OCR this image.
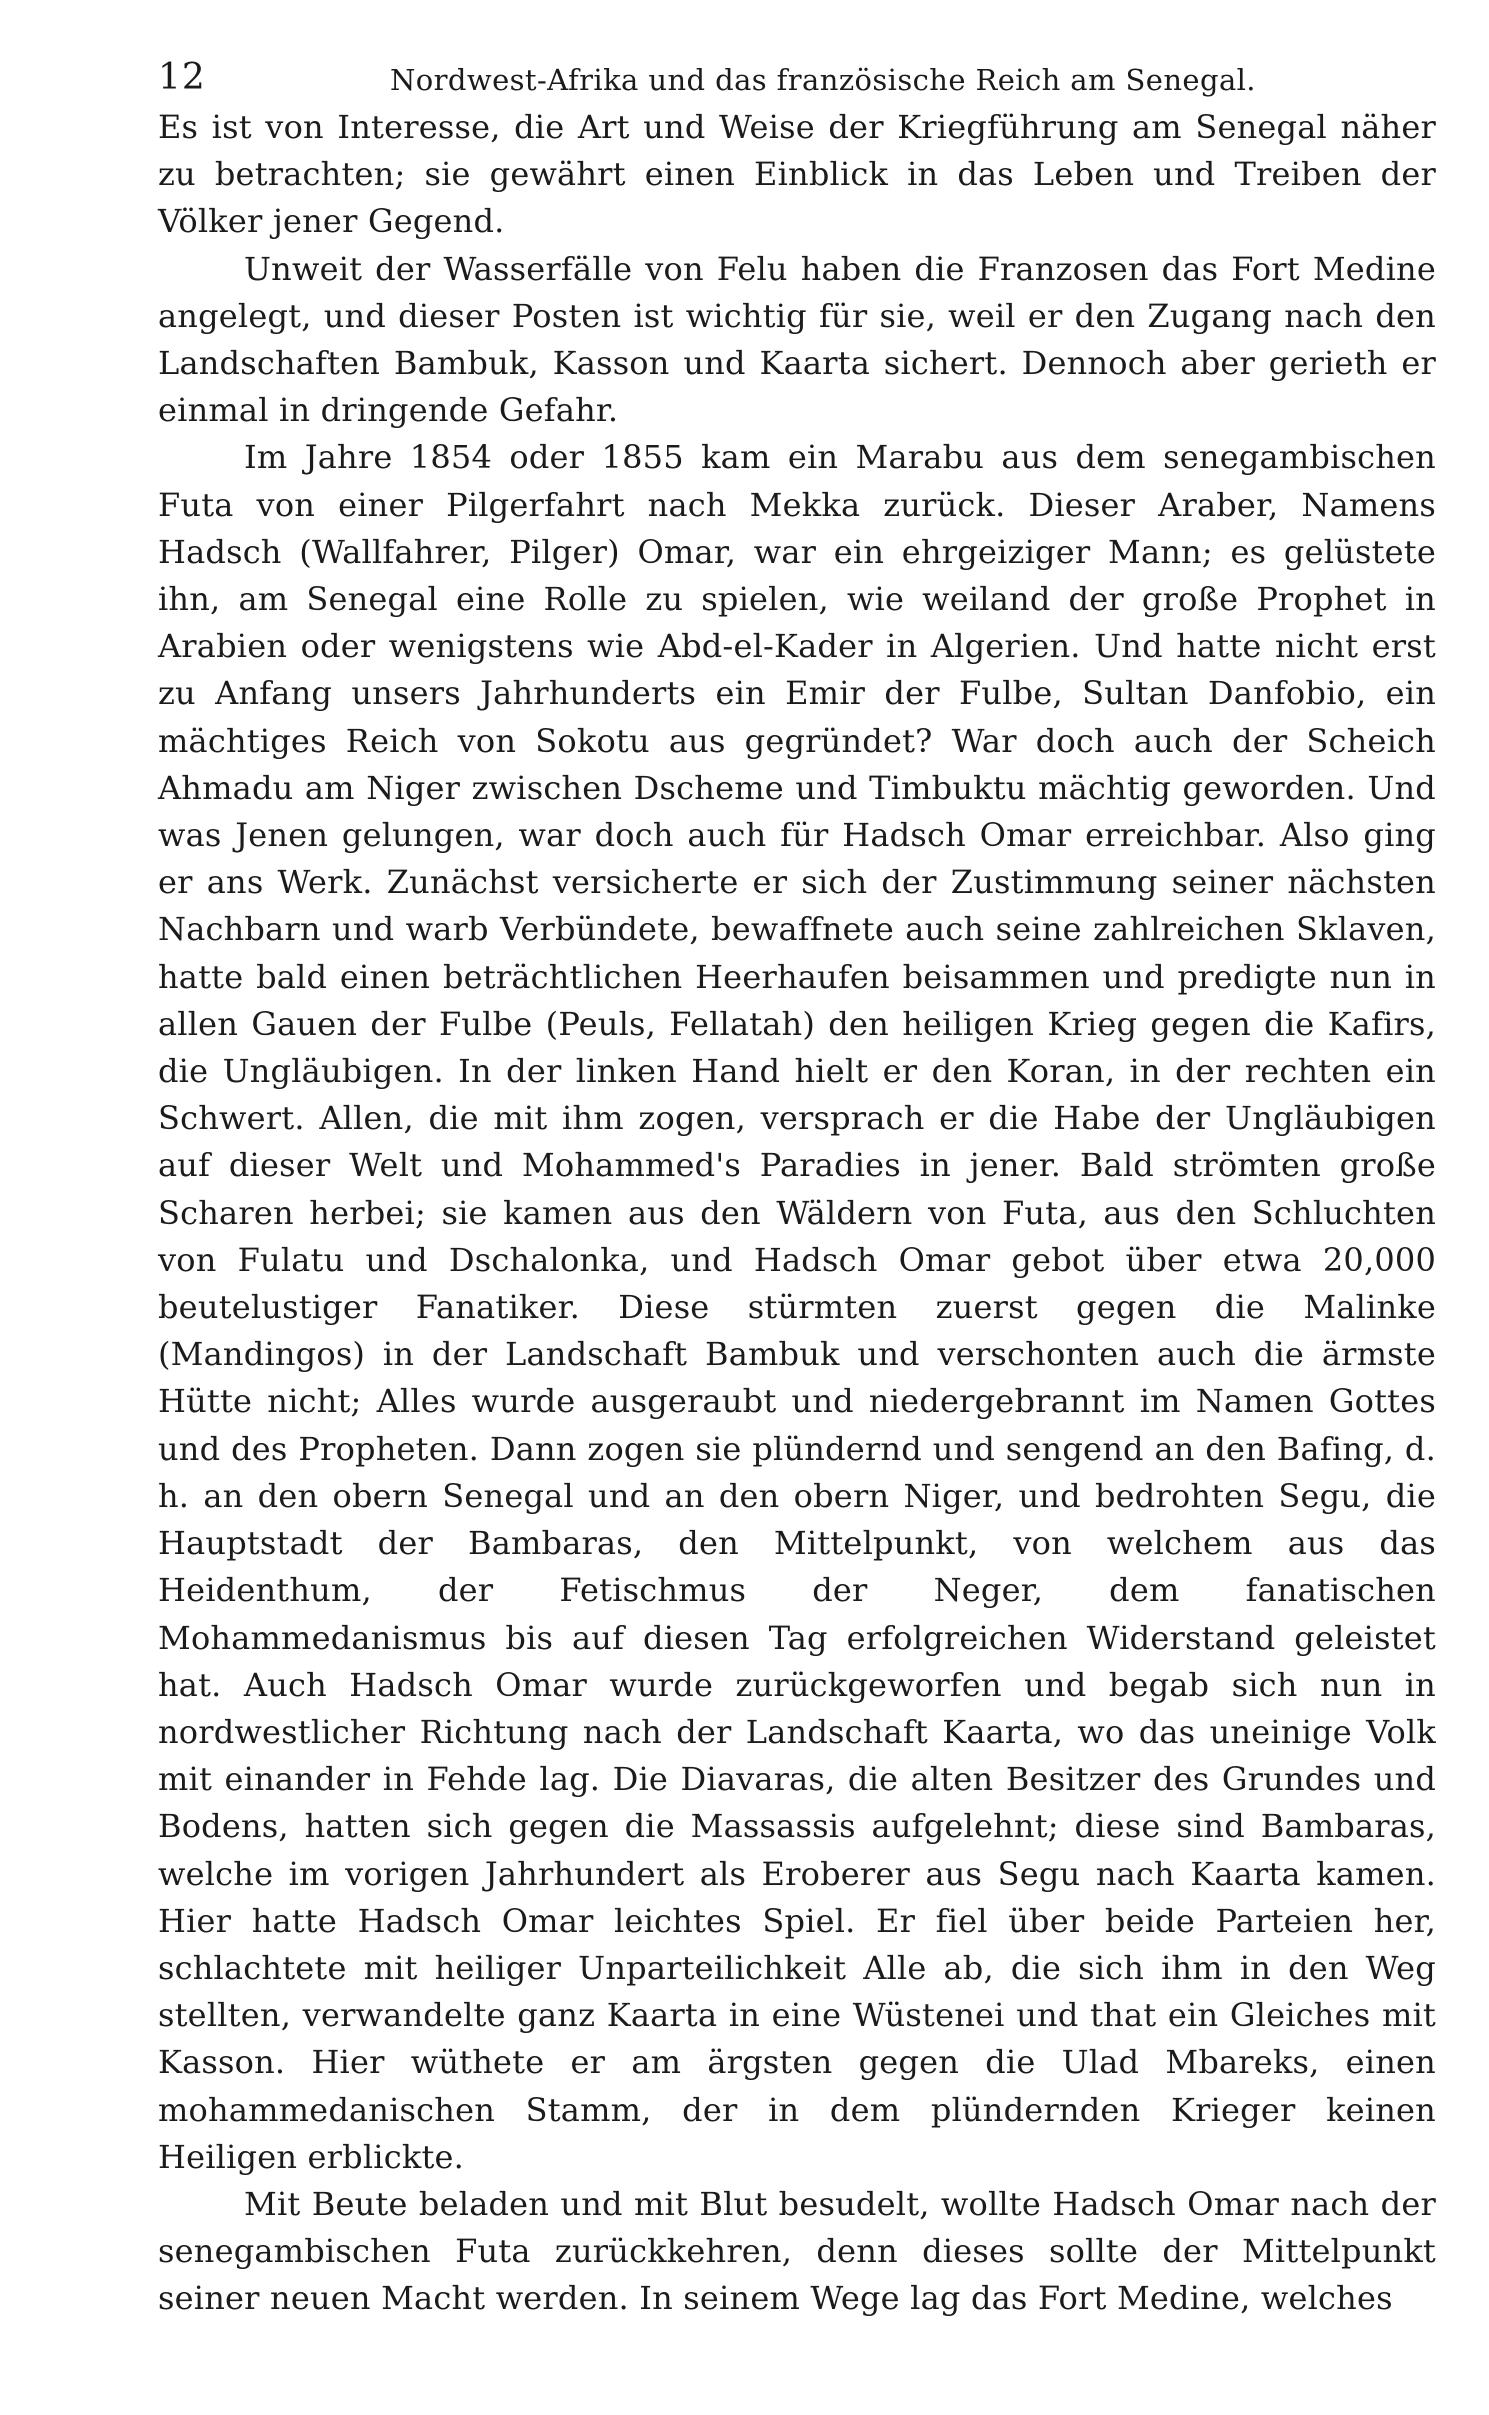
12	Nordwest-Afrika und das französische Reich am Senegal.

Es ist von Interesse, die Art und Weise der Kriegführung am Senegal näher zu betrachten; sie gewährt einen Einblick in das Leben und Treiben der Völker jener Gegend.

Unweit der Wasserfälle von Felu haben die Franzosen das Fort Medine angelegt, und dieser Posten ist wichtig für sie, weil er den Zugang nach den Landschaften Bambuk, Kasson und Kaarta sichert. Dennoch aber gerieth er einmal in dringende Gefahr.

Im Jahre 1854 oder 1855 kam ein Marabu aus dem senegambischen Futa von einer Pilgerfahrt nach Mekka zurück. Dieser Araber, Namens Hadsch (Wallfahrer, Pilger) Omar, war ein ehrgeiziger Mann; es gelüstete ihn, am Senegal eine Rolle zu spielen, wie weiland der große Prophet in Arabien oder wenigstens wie Abd-el-Kader in Algerien. Und hatte nicht erst zu Anfang unsers Jahrhunderts ein Emir der Fulbe, Sultan Danfobio, ein mächtiges Reich von Sokotu aus gegründet? War doch auch der Scheich Ahmadu am Niger zwischen Dscheme und Timbuktu mächtig geworden. Und was Jenen gelungen, war doch auch für Hadsch Omar erreichbar. Also ging er ans Werk. Zunächst versicherte er sich der Zustimmung seiner nächsten Nachbarn und warb Verbündete, bewaffnete auch seine zahlreichen Sklaven, hatte bald einen beträchtlichen Heerhaufen beisammen und predigte nun in allen Gauen der Fulbe (Peuls, Fellatah) den heiligen Krieg gegen die Kafirs, die Ungläubigen. In der linken Hand hielt er den Koran, in der rechten ein Schwert. Allen, die mit ihm zogen, versprach er die Habe der Ungläubigen auf dieser Welt und Mohammed's Paradies in jener. Bald strömten große Scharen herbei; sie kamen aus den Wäldern von Futa, aus den Schluchten von Fulatu und Dschalonka, und Hadsch Omar gebot über etwa 20,000 beutelustiger Fanatiker. Diese stürmten zuerst gegen die Malinke (Mandingos) in der Landschaft Bambuk und verschonten auch die ärmste Hütte nicht; Alles wurde ausgeraubt und niedergebrannt im Namen Gottes und des Propheten. Dann zogen sie plündernd und sengend an den Bafing, d. h. an den obern Senegal und an den obern Niger, und bedrohten Segu, die Hauptstadt der Bambaras, den Mittelpunkt, von welchem aus das Heidenthum, der Fetischmus der Neger, dem fanatischen Mohammedanismus bis auf diesen Tag erfolgreichen Widerstand geleistet hat. Auch Hadsch Omar wurde zurückgeworfen und begab sich nun in nordwestlicher Richtung nach der Landschaft Kaarta, wo das uneinige Volk mit einander in Fehde lag. Die Diavaras, die alten Besitzer des Grundes und Bodens, hatten sich gegen die Massassis aufgelehnt; diese sind Bambaras, welche im vorigen Jahrhundert als Eroberer aus Segu nach Kaarta kamen. Hier hatte Hadsch Omar leichtes Spiel. Er fiel über beide Parteien her, schlachtete mit heiliger Unparteilichkeit Alle ab, die sich ihm in den Weg stellten, verwandelte ganz Kaarta in eine Wüstenei und that ein Gleiches mit Kasson. Hier wüthete er am ärgsten gegen die Ulad Mbareks, einen mohammedanischen Stamm, der in dem plündernden Krieger keinen Heiligen erblickte.

Mit Beute beladen und mit Blut besudelt, wollte Hadsch Omar nach der senegambischen Futa zurückkehren, denn dieses sollte der Mittelpunkt seiner neuen Macht werden. In seinem Wege lag das Fort Medine, welches
